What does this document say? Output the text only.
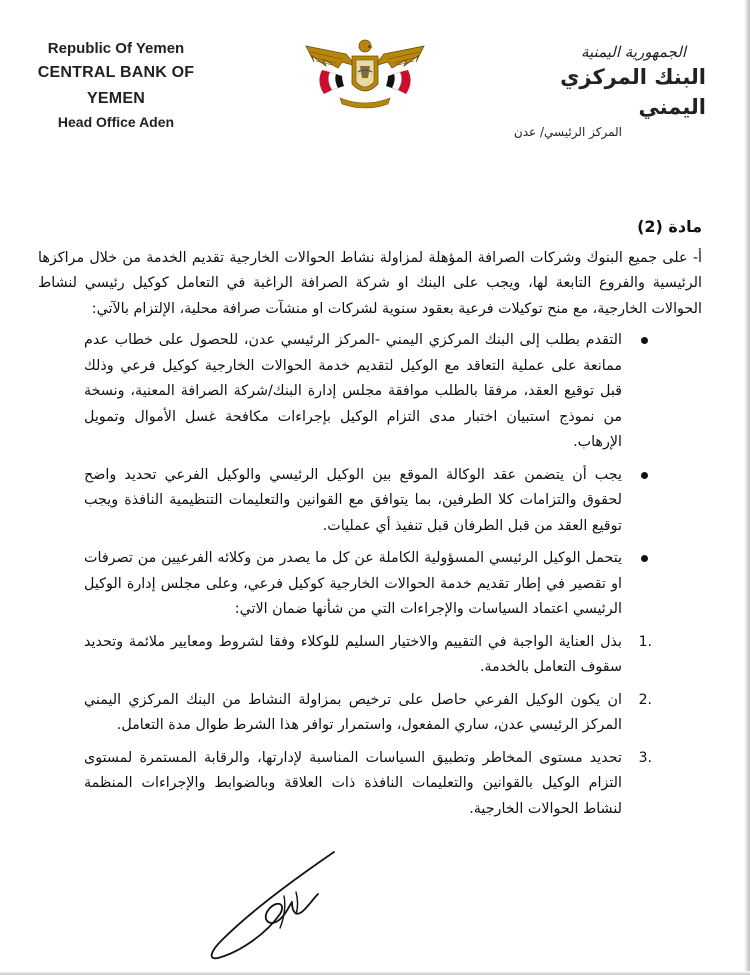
Republic Of Yemen
CENTRAL BANK OF YEMEN
Head Office Aden
الجمهورية اليمنية
البنك المركزي اليمني
المركز الرئيسي/ عدن

مادة (2)

أ- على جميع البنوك وشركات الصرافة المؤهلة لمزاولة نشاط الحوالات الخارجية تقديم الخدمة من خلال مراكزها الرئيسية والفروع التابعة لها، ويجب على البنك او شركة الصرافة الراغبة في التعامل كوكيل رئيسي لنشاط الحوالات الخارجية، مع منح توكيلات فرعية بعقود سنوية لشركات او منشآت صرافة محلية، الإلتزام بالآتي:

التقدم بطلب إلى البنك المركزي اليمني -المركز الرئيسي عدن، للحصول على خطاب عدم ممانعة على عملية التعاقد مع الوكيل لتقديم خدمة الحوالات الخارجية كوكيل فرعي وذلك قبل توقيع العقد، مرفقا بالطلب موافقة مجلس إدارة البنك/شركة الصرافة المعنية، ونسخة من نموذج استبيان اختبار مدى التزام الوكيل بإجراءات مكافحة غسل الأموال وتمويل الإرهاب.
يجب أن يتضمن عقد الوكالة الموقع بين الوكيل الرئيسي والوكيل الفرعي تحديد واضح لحقوق والتزامات كلا الطرفين، بما يتوافق مع القوانين والتعليمات التنظيمية النافذة ويجب توقيع العقد من قبل الطرفان قبل تنفيذ أي عمليات.
يتحمل الوكيل الرئيسي المسؤولية الكاملة عن كل ما يصدر من وكلائه الفرعيين من تصرفات او تقصير في إطار تقديم خدمة الحوالات الخارجية كوكيل فرعي، وعلى مجلس إدارة الوكيل الرئيسي اعتماد السياسات والإجراءات التي من شأنها ضمان الاتي:
1.
بذل العناية الواجبة في التقييم والاختيار السليم للوكلاء وفقا لشروط ومعايير ملائمة وتحديد سقوف التعامل بالخدمة.
2.
ان يكون الوكيل الفرعي حاصل على ترخيص بمزاولة النشاط من البنك المركزي اليمني المركز الرئيسي عدن، ساري المفعول، واستمرار توافر هذا الشرط طوال مدة التعامل.
3.
تحديد مستوى المخاطر وتطبيق السياسات المناسبة لإدارتها، والرقابة المستمرة لمستوى التزام الوكيل بالقوانين والتعليمات النافذة ذات العلاقة وبالضوابط والإجراءات المنظمة لنشاط الحوالات الخارجية.
